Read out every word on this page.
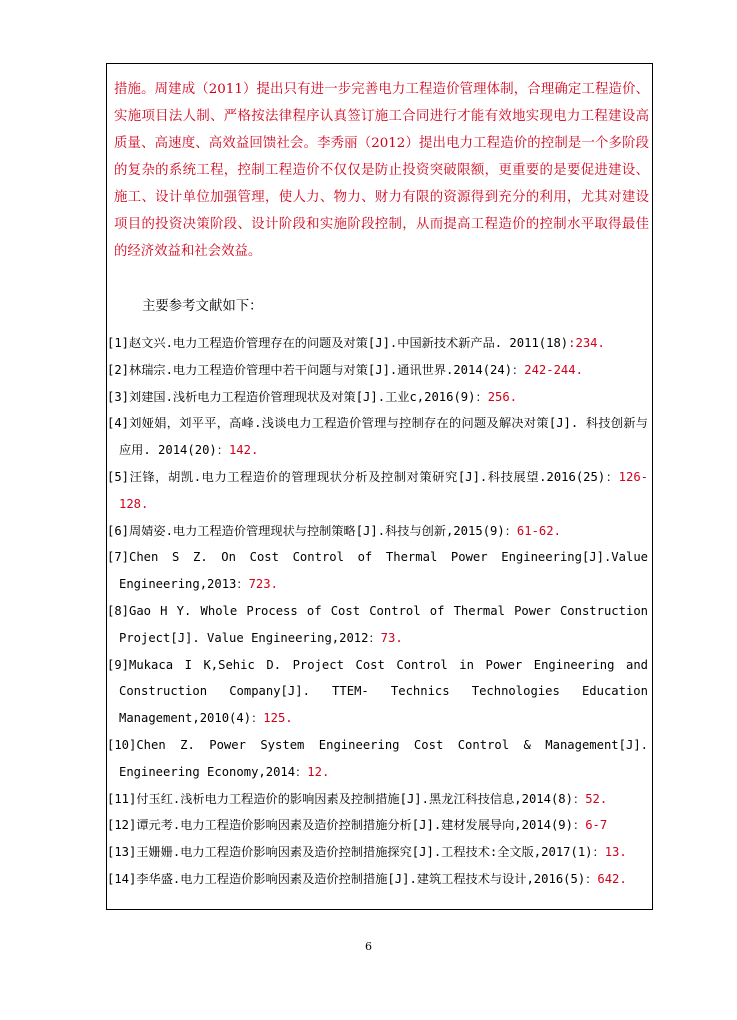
措施。周建成（2011）提出只有进一步完善电力工程造价管理体制，合理确定工程造价、实施项目法人制、严格按法律程序认真签订施工合同进行才能有效地实现电力工程建设高质量、高速度、高效益回馈社会。李秀丽（2012）提出电力工程造价的控制是一个多阶段的复杂的系统工程，控制工程造价不仅仅是防止投资突破限额，更重要的是要促进建设、施工、设计单位加强管理，使人力、物力、财力有限的资源得到充分的利用，尤其对建设项目的投资决策阶段、设计阶段和实施阶段控制，从而提高工程造价的控制水平取得最佳的经济效益和社会效益。

主要参考文献如下：

[1]赵文兴.电力工程造价管理存在的问题及对策[J].中国新技术新产品. 2011(18):234.
[2]林瑞宗.电力工程造价管理中若干问题与对策[J].通讯世界.2014(24)：242-244.
[3]刘建国.浅析电力工程造价管理现状及对策[J].工业c,2016(9)：256.
[4]刘娅娟，刘平平，高峰.浅谈电力工程造价管理与控制存在的问题及解决对策[J]. 科技创新与应用. 2014(20)：142.
[5]汪锋，胡凯.电力工程造价的管理现状分析及控制对策研究[J].科技展望.2016(25)：126-128.
[6]周婧姿.电力工程造价管理现状与控制策略[J].科技与创新,2015(9)：61-62.
[7]Chen S Z. On Cost Control of Thermal Power Engineering[J].Value Engineering,2013：723.
[8]Gao H Y. Whole Process of Cost Control of Thermal Power Construction Project[J]. Value Engineering,2012：73.
[9]Mukaca I K,Sehic D. Project Cost Control in Power Engineering and Construction Company[J]. TTEM- Technics Technologies Education Management,2010(4)：125.
[10]Chen Z. Power System Engineering Cost Control & Management[J]. Engineering Economy,2014：12.
[11]付玉红.浅析电力工程造价的影响因素及控制措施[J].黑龙江科技信息,2014(8)：52.
[12]谭元考.电力工程造价影响因素及造价控制措施分析[J].建材发展导向,2014(9)：6-7
[13]王姗姗.电力工程造价影响因素及造价控制措施探究[J].工程技术:全文版,2017(1)：13.
[14]李华盛.电力工程造价影响因素及造价控制措施[J].建筑工程技术与设计,2016(5)：642.
6
